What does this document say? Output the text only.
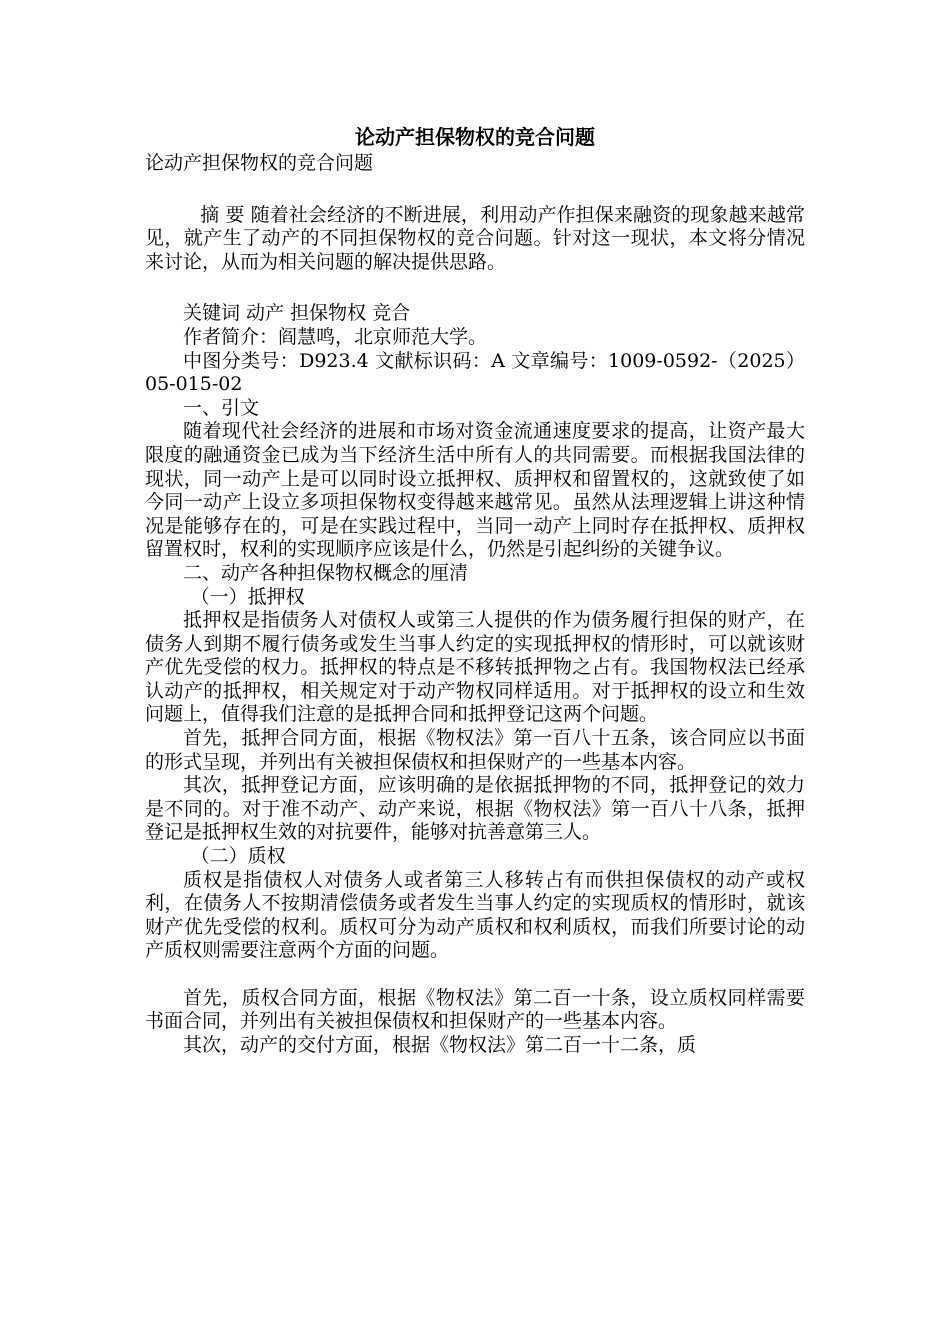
论动产担保物权的竞合问题

论动产担保物权的竞合问题

摘 要 随着社会经济的不断进展，利用动产作担保来融资的现象越来越常见，就产生了动产的不同担保物权的竞合问题。针对这一现状，本文将分情况来讨论，从而为相关问题的解决提供思路。

关键词 动产 担保物权 竞合

作者简介：阎慧鸣，北京师范大学。

中图分类号：D923.4 文献标识码：A 文章编号：1009-0592-（2025）05-015-02

一、引文

随着现代社会经济的进展和市场对资金流通速度要求的提高，让资产最大限度的融通资金已成为当下经济生活中所有人的共同需要。而根据我国法律的现状，同一动产上是可以同时设立抵押权、质押权和留置权的，这就致使了如今同一动产上设立多项担保物权变得越来越常见。虽然从法理逻辑上讲这种情况是能够存在的，可是在实践过程中，当同一动产上同时存在抵押权、质押权留置权时，权利的实现顺序应该是什么，仍然是引起纠纷的关键争议。

二、动产各种担保物权概念的厘清

（一）抵押权

抵押权是指债务人对债权人或第三人提供的作为债务履行担保的财产，在债务人到期不履行债务或发生当事人约定的实现抵押权的情形时，可以就该财产优先受偿的权力。抵押权的特点是不移转抵押物之占有。我国物权法已经承认动产的抵押权，相关规定对于动产物权同样适用。对于抵押权的设立和生效问题上，值得我们注意的是抵押合同和抵押登记这两个问题。

首先，抵押合同方面，根据《物权法》第一百八十五条，该合同应以书面的形式呈现，并列出有关被担保债权和担保财产的一些基本内容。

其次，抵押登记方面，应该明确的是依据抵押物的不同，抵押登记的效力是不同的。对于准不动产、动产来说，根据《物权法》第一百八十八条，抵押登记是抵押权生效的对抗要件，能够对抗善意第三人。

（二）质权

质权是指债权人对债务人或者第三人移转占有而供担保债权的动产或权利，在债务人不按期清偿债务或者发生当事人约定的实现质权的情形时，就该财产优先受偿的权利。质权可分为动产质权和权利质权，而我们所要讨论的动产质权则需要注意两个方面的问题。

首先，质权合同方面，根据《物权法》第二百一十条，设立质权同样需要书面合同，并列出有关被担保债权和担保财产的一些基本内容。

其次，动产的交付方面，根据《物权法》第二百一十二条，质
